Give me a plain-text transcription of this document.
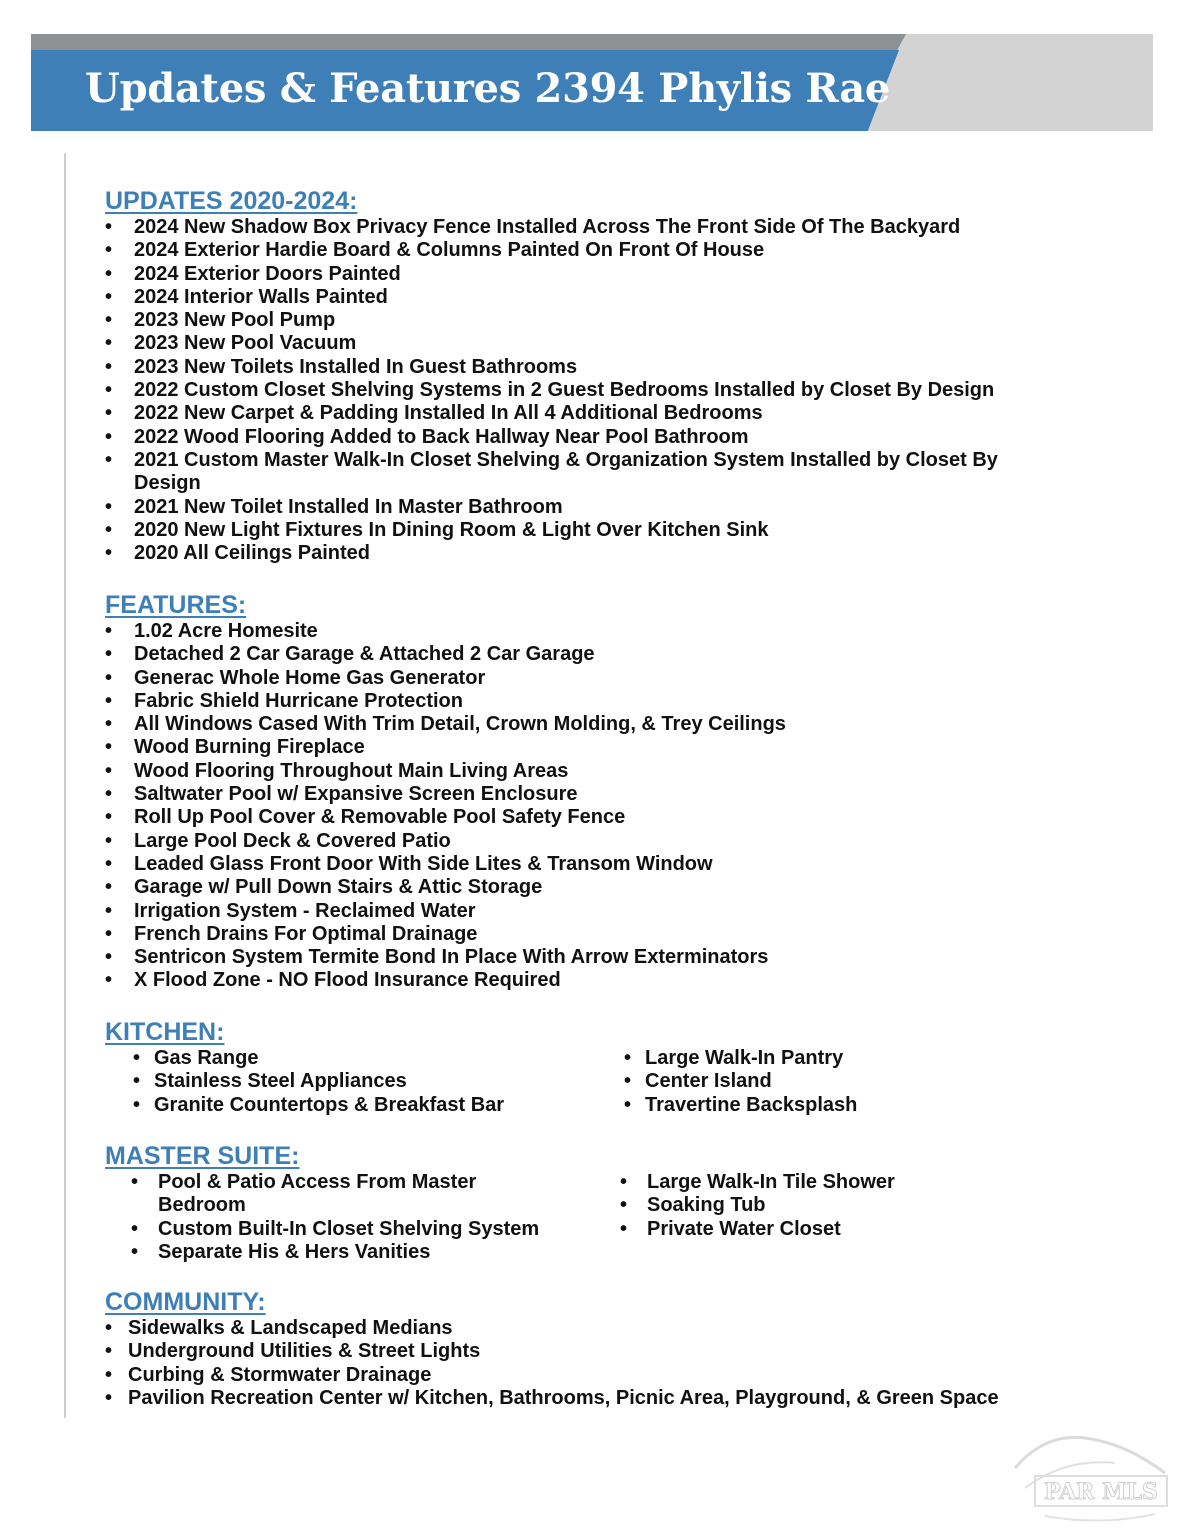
Updates & Features 2394 Phylis Rae
UPDATES 2020-2024:
• 2024 New Shadow Box Privacy Fence Installed Across The Front Side Of The Backyard
• 2024 Exterior Hardie Board & Columns Painted On Front Of House
• 2024 Exterior Doors Painted
• 2024 Interior Walls Painted
• 2023 New Pool Pump
• 2023 New Pool Vacuum
• 2023 New Toilets Installed In Guest Bathrooms
• 2022 Custom Closet Shelving Systems in 2 Guest Bedrooms Installed by Closet By Design
• 2022 New Carpet & Padding Installed In All 4 Additional Bedrooms
• 2022 Wood Flooring Added to Back Hallway Near Pool Bathroom
• 2021 Custom Master Walk-In Closet Shelving & Organization System Installed by Closet By Design
• 2021 New Toilet Installed In Master Bathroom
• 2020 New Light Fixtures In Dining Room & Light Over Kitchen Sink
• 2020 All Ceilings Painted
FEATURES:
• 1.02 Acre Homesite
• Detached 2 Car Garage & Attached 2 Car Garage
• Generac Whole Home Gas Generator
• Fabric Shield Hurricane Protection
• All Windows Cased With Trim Detail, Crown Molding, & Trey Ceilings
• Wood Burning Fireplace
• Wood Flooring Throughout Main Living Areas
• Saltwater Pool w/ Expansive Screen Enclosure
• Roll Up Pool Cover & Removable Pool Safety Fence
• Large Pool Deck & Covered Patio
• Leaded Glass Front Door With Side Lites & Transom Window
• Garage w/ Pull Down Stairs & Attic Storage
• Irrigation System - Reclaimed Water
• French Drains For Optimal Drainage
• Sentricon System Termite Bond In Place With Arrow Exterminators
• X Flood Zone - NO Flood Insurance Required
KITCHEN:
• Gas Range
• Stainless Steel Appliances
• Granite Countertops & Breakfast Bar
• Large Walk-In Pantry
• Center Island
• Travertine Backsplash
MASTER SUITE:
• Pool & Patio Access From Master Bedroom
• Custom Built-In Closet Shelving System
• Separate His & Hers Vanities
• Large Walk-In Tile Shower
• Soaking Tub
• Private Water Closet
COMMUNITY:
• Sidewalks & Landscaped Medians
• Underground Utilities & Street Lights
• Curbing & Stormwater Drainage
• Pavilion Recreation Center w/ Kitchen, Bathrooms, Picnic Area, Playground, & Green Space
PAR MLS
